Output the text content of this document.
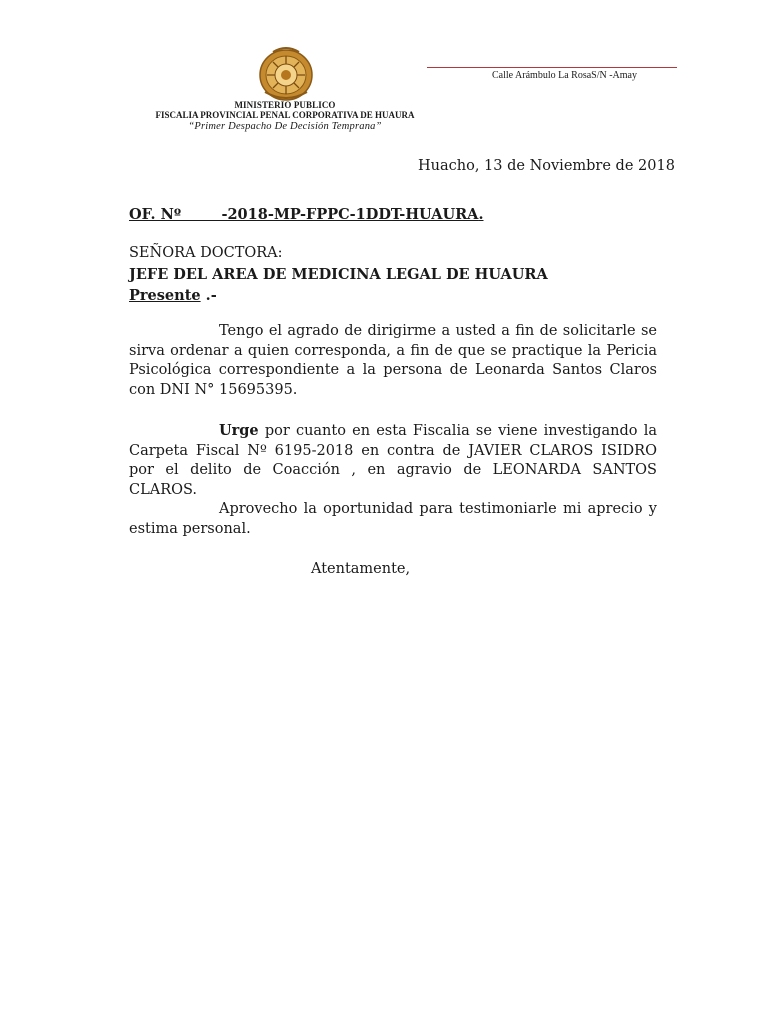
MINISTERIO PUBLICO
FISCALIA PROVINCIAL PENAL CORPORATIVA DE HUAURA
“Primer Despacho De Decisión Temprana”
Calle Arámbulo La RosaS/N -Amay
Huacho, 13 de Noviembre de 2018
OF. Nº        -2018-MP-FPPC-1DDT-HUAURA.
SEÑORA DOCTORA:
JEFE DEL AREA DE MEDICINA LEGAL DE HUAURA
Presente .-
Tengo el agrado de dirigirme a usted a fin de solicitarle se sirva ordenar a quien corresponda, a fin de que se practique la Pericia Psicológica correspondiente a la persona de Leonarda Santos Claros con DNI N° 15695395.
Urge por cuanto en esta Fiscalia se viene investigando la Carpeta Fiscal Nº 6195-2018 en contra de JAVIER CLAROS ISIDRO por el delito de Coacción , en agravio de LEONARDA SANTOS CLAROS.
Aprovecho la oportunidad para testimoniarle mi aprecio y estima personal.
Atentamente,
